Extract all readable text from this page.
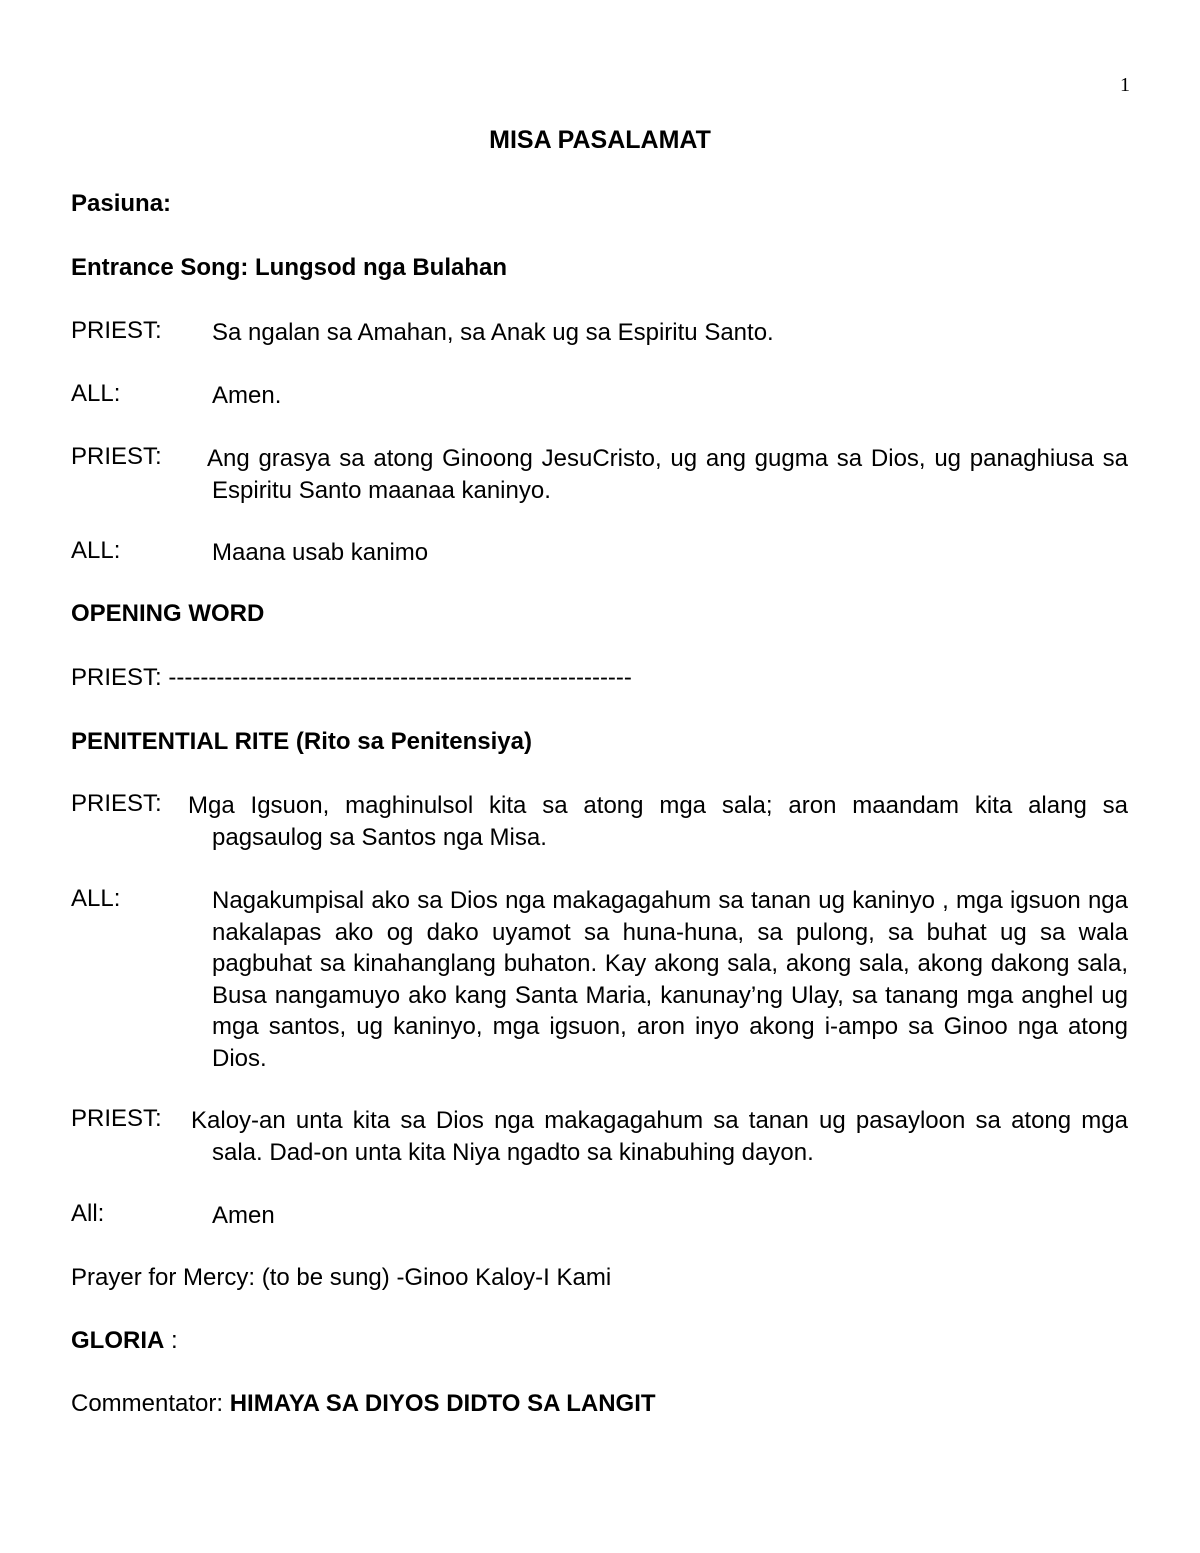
1
MISA PASALAMAT
Pasiuna:
Entrance Song: Lungsod nga Bulahan
PRIEST: Sa ngalan sa Amahan, sa Anak ug sa Espiritu Santo.
ALL:	Amen.
PRIEST: Ang grasya sa atong Ginoong JesuCristo, ug ang gugma sa Dios, ug panaghiusa sa Espiritu Santo maanaa kaninyo.
ALL:	Maana usab kanimo
OPENING WORD
PRIEST: ----------------------------------------------------------
PENITENTIAL RITE (Rito sa Penitensiya)
PRIEST: Mga Igsuon, maghinulsol kita sa atong mga sala; aron maandam kita alang sa pagsaulog sa Santos nga Misa.
ALL:	Nagakumpisal ako sa Dios nga makagagahum sa tanan ug kaninyo , mga igsuon nga nakalapas ako og dako uyamot sa huna-huna, sa pulong, sa buhat ug sa wala pagbuhat sa kinahanglang buhaton. Kay akong sala, akong sala, akong dakong sala, Busa nangamuyo ako kang Santa Maria, kanunay’ng Ulay, sa tanang mga anghel ug mga santos, ug kaninyo, mga igsuon, aron inyo akong i-ampo sa Ginoo nga atong Dios.
PRIEST: Kaloy-an unta kita sa Dios nga makagagahum sa tanan ug pasayloon sa atong mga sala. Dad-on unta kita Niya ngadto sa kinabuhing dayon.
All:	Amen
Prayer for Mercy: (to be sung) -Ginoo Kaloy-I Kami
GLORIA :
Commentator: HIMAYA SA DIYOS DIDTO SA LANGIT
